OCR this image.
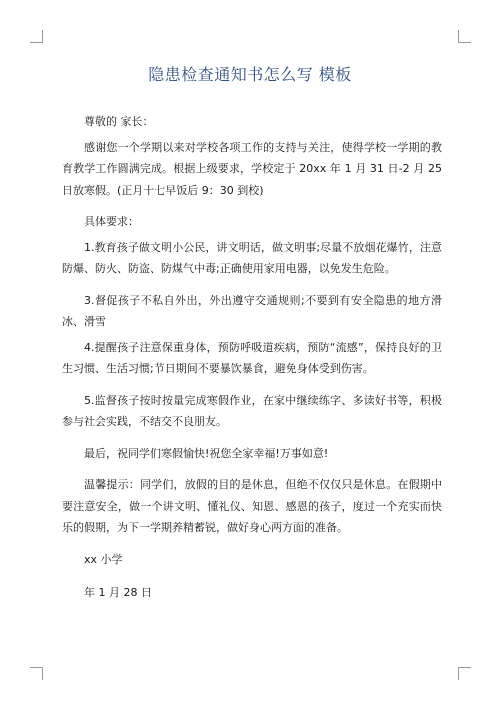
隐患检查通知书怎么写 模板

尊敬的 家长：

感谢您一个学期以来对学校各项工作的支持与关注，使得学校一学期的教育教学工作圆满完成。根据上级要求，学校定于 20xx 年 1 月 31 日-2 月 25 日放寒假。(正月十七早饭后 9：30 到校)

具体要求：

1.教育孩子做文明小公民，讲文明话，做文明事;尽量不放烟花爆竹，注意防爆、防火、防盗、防煤气中毒;正确使用家用电器，以免发生危险。

3.督促孩子不私自外出，外出遵守交通规则;不要到有安全隐患的地方滑冰、滑雪

4.提醒孩子注意保重身体，预防呼吸道疾病，预防“流感”，保持良好的卫生习惯、生活习惯;节日期间不要暴饮暴食，避免身体受到伤害。

5.监督孩子按时按量完成寒假作业，在家中继续练字、多读好书等，积极参与社会实践，不结交不良朋友。

最后，祝同学们寒假愉快!祝您全家幸福!万事如意!

温馨提示：同学们，放假的目的是休息，但绝不仅仅只是休息。在假期中要注意安全，做一个讲文明、懂礼仪、知恩、感恩的孩子，度过一个充实而快乐的假期，为下一学期养精蓄锐，做好身心两方面的准备。

xx 小学

年 1 月 28 日
